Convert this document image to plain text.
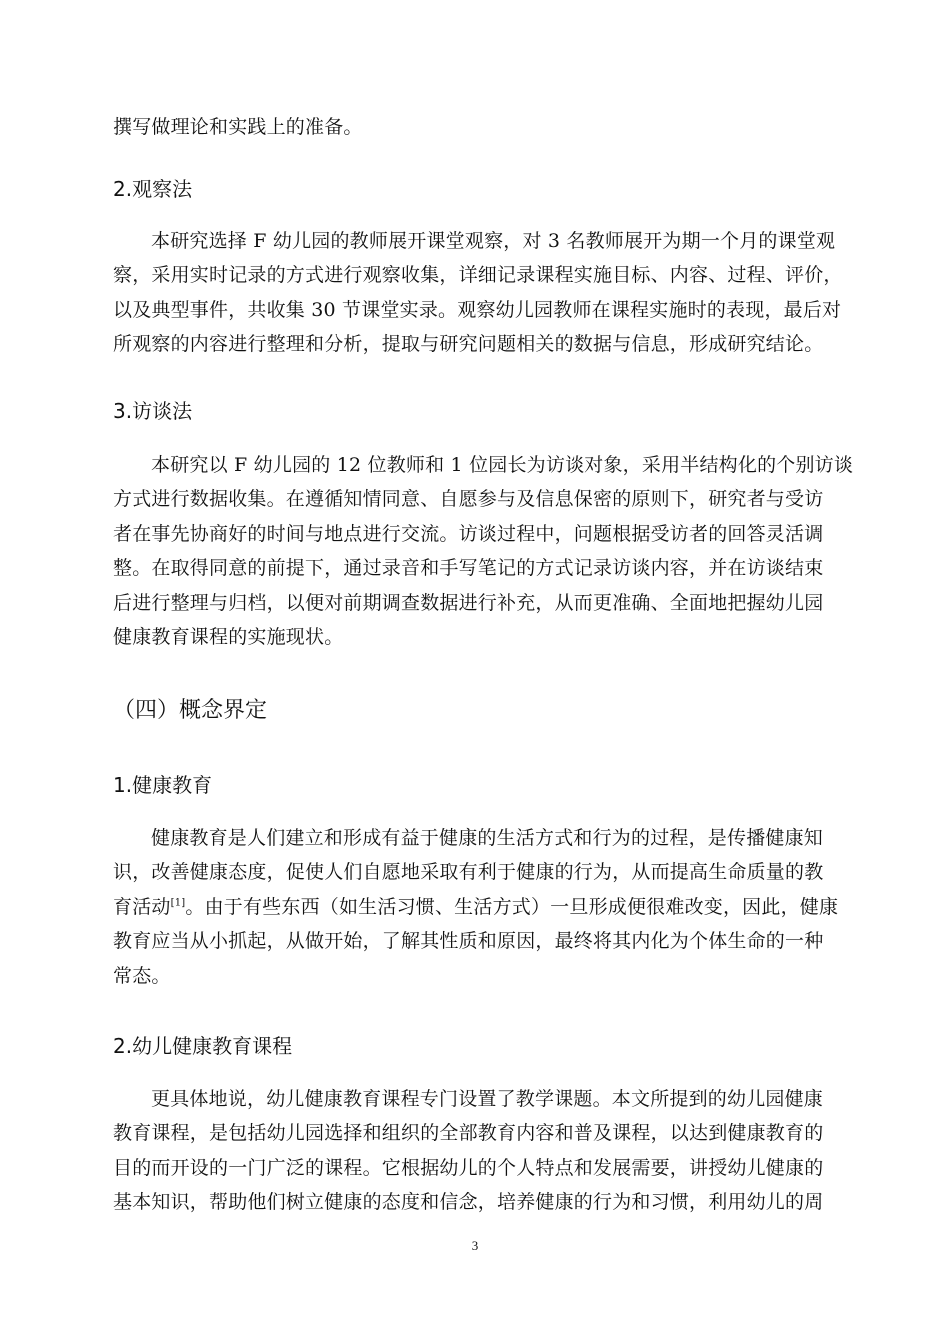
撰写做理论和实践上的准备。
2.观察法
本研究选择 F 幼儿园的教师展开课堂观察，对 3 名教师展开为期一个月的课堂观
察，采用实时记录的方式进行观察收集，详细记录课程实施目标、内容、过程、评价，
以及典型事件，共收集 30 节课堂实录。观察幼儿园教师在课程实施时的表现，最后对
所观察的内容进行整理和分析，提取与研究问题相关的数据与信息，形成研究结论。
3.访谈法
本研究以 F 幼儿园的 12 位教师和 1 位园长为访谈对象，采用半结构化的个别访谈
方式进行数据收集。在遵循知情同意、自愿参与及信息保密的原则下，研究者与受访
者在事先协商好的时间与地点进行交流。访谈过程中，问题根据受访者的回答灵活调
整。在取得同意的前提下，通过录音和手写笔记的方式记录访谈内容，并在访谈结束
后进行整理与归档，以便对前期调查数据进行补充，从而更准确、全面地把握幼儿园
健康教育课程的实施现状。
（四）概念界定
1.健康教育
健康教育是人们建立和形成有益于健康的生活方式和行为的过程，是传播健康知
识，改善健康态度，促使人们自愿地采取有利于健康的行为，从而提高生命质量的教
育活动[1]。由于有些东西（如生活习惯、生活方式）一旦形成便很难改变，因此，健康
教育应当从小抓起，从做开始，了解其性质和原因，最终将其内化为个体生命的一种
常态。
2.幼儿健康教育课程
更具体地说，幼儿健康教育课程专门设置了教学课题。本文所提到的幼儿园健康
教育课程，是包括幼儿园选择和组织的全部教育内容和普及课程，以达到健康教育的
目的而开设的一门广泛的课程。它根据幼儿的个人特点和发展需要，讲授幼儿健康的
基本知识，帮助他们树立健康的态度和信念，培养健康的行为和习惯，利用幼儿的周
3
